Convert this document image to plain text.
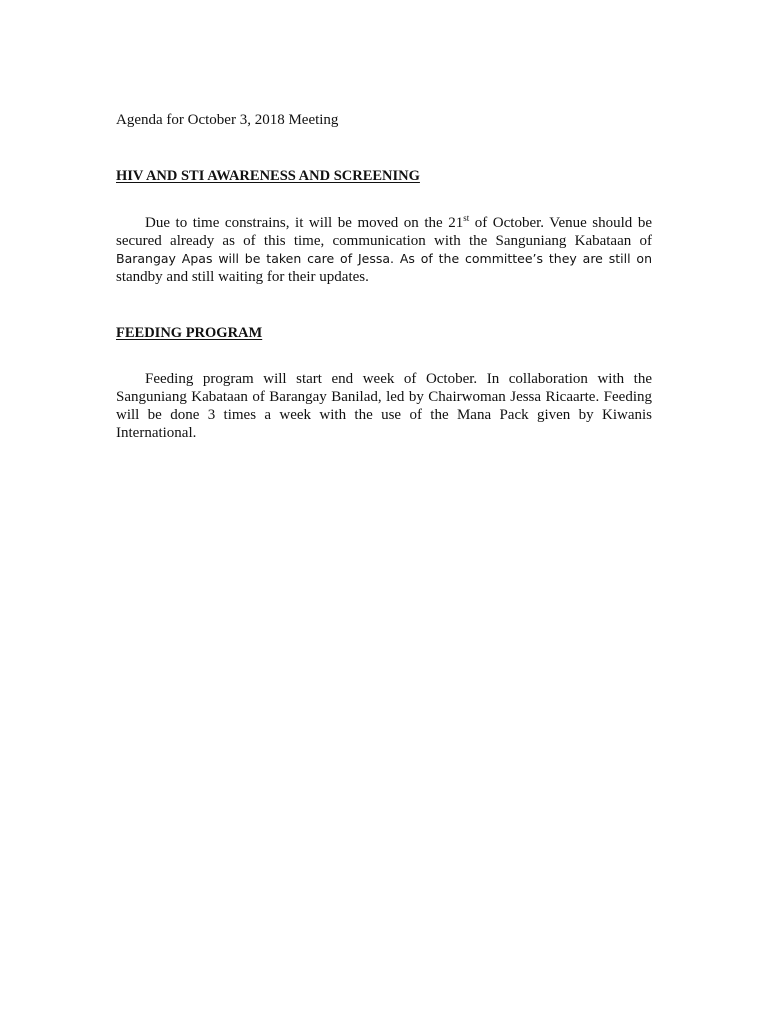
Agenda for October 3, 2018 Meeting

HIV AND STI AWARENESS AND SCREENING

Due to time constrains, it will be moved on the 21st of October. Venue should be secured already as of this time, communication with the Sanguniang Kabataan of Barangay Apas will be taken care of Jessa. As of the committee’s they are still on standby and still waiting for their updates.

FEEDING PROGRAM

Feeding program will start end week of October. In collaboration with the Sanguniang Kabataan of Barangay Banilad, led by Chairwoman Jessa Ricaarte. Feeding will be done 3 times a week with the use of the Mana Pack given by Kiwanis International.
